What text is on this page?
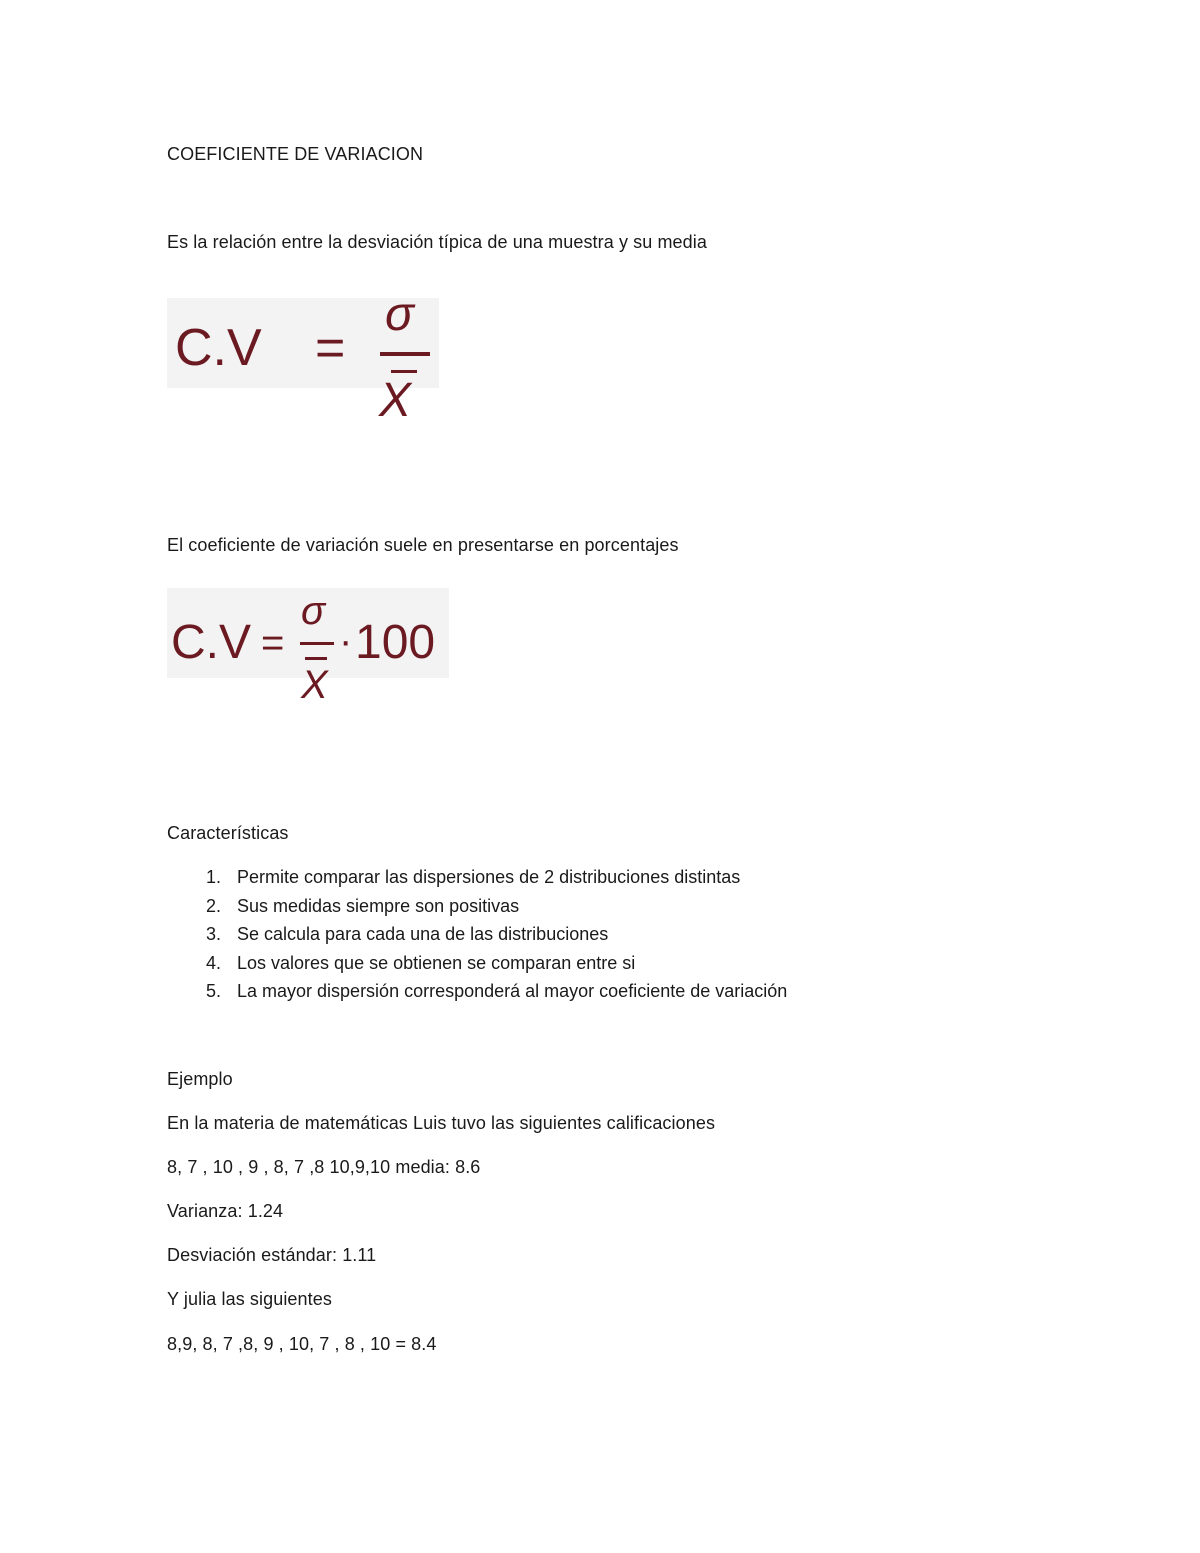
COEFICIENTE DE VARIACION
Es la relación entre la desviación típica de una muestra y su media
C.V =
σ
X
El coeficiente de variación suele en presentarse en porcentajes
C.V =
σ
X
· 100
Características
1. Permite comparar las dispersiones de 2 distribuciones distintas
2. Sus medidas siempre son positivas
3. Se calcula para cada una de las distribuciones
4. Los valores que se obtienen se comparan entre si
5. La mayor dispersión corresponderá al mayor coeficiente de variación
Ejemplo
En la materia de matemáticas Luis tuvo las siguientes calificaciones
8, 7 , 10 , 9 , 8, 7 ,8 10,9,10 media: 8.6
Varianza: 1.24
Desviación estándar: 1.11
Y julia las siguientes
8,9, 8, 7 ,8, 9 , 10, 7 , 8 , 10 = 8.4
